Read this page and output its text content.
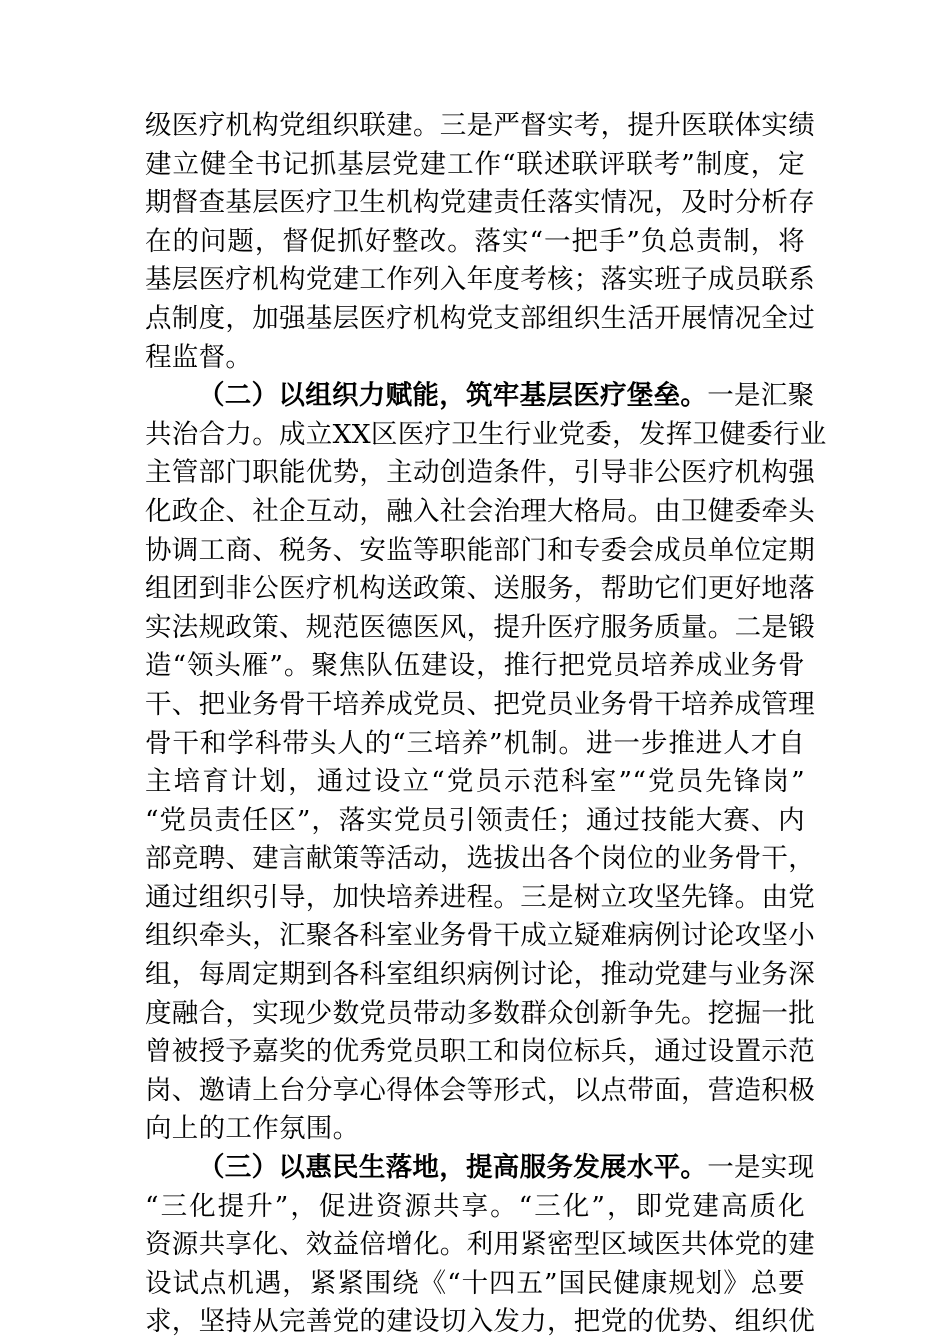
级医疗机构党组织联建。三是严督实考，提升医联体实绩
建立健全书记抓基层党建工作“联述联评联考”制度，定
期督查基层医疗卫生机构党建责任落实情况，及时分析存
在的问题，督促抓好整改。落实“一把手”负总责制，将
基层医疗机构党建工作列入年度考核；落实班子成员联系
点制度，加强基层医疗机构党支部组织生活开展情况全过
程监督。
（二）以组织力赋能，筑牢基层医疗堡垒。一是汇聚
共治合力。成立XX区医疗卫生行业党委，发挥卫健委行业
主管部门职能优势，主动创造条件，引导非公医疗机构强
化政企、社企互动，融入社会治理大格局。由卫健委牵头
协调工商、税务、安监等职能部门和专委会成员单位定期
组团到非公医疗机构送政策、送服务，帮助它们更好地落
实法规政策、规范医德医风，提升医疗服务质量。二是锻
造“领头雁”。聚焦队伍建设，推行把党员培养成业务骨
干、把业务骨干培养成党员、把党员业务骨干培养成管理
骨干和学科带头人的“三培养”机制。进一步推进人才自
主培育计划，通过设立“党员示范科室”“党员先锋岗”
“党员责任区”，落实党员引领责任；通过技能大赛、内
部竞聘、建言献策等活动，选拔出各个岗位的业务骨干，
通过组织引导，加快培养进程。三是树立攻坚先锋。由党
组织牵头，汇聚各科室业务骨干成立疑难病例讨论攻坚小
组，每周定期到各科室组织病例讨论，推动党建与业务深
度融合，实现少数党员带动多数群众创新争先。挖掘一批
曾被授予嘉奖的优秀党员职工和岗位标兵，通过设置示范
岗、邀请上台分享心得体会等形式，以点带面，营造积极
向上的工作氛围。
（三）以惠民生落地，提高服务发展水平。一是实现
“三化提升”，促进资源共享。“三化”，即党建高质化
资源共享化、效益倍增化。利用紧密型区域医共体党的建
设试点机遇，紧紧围绕《“十四五”国民健康规划》总要
求，坚持从完善党的建设切入发力，把党的优势、组织优
